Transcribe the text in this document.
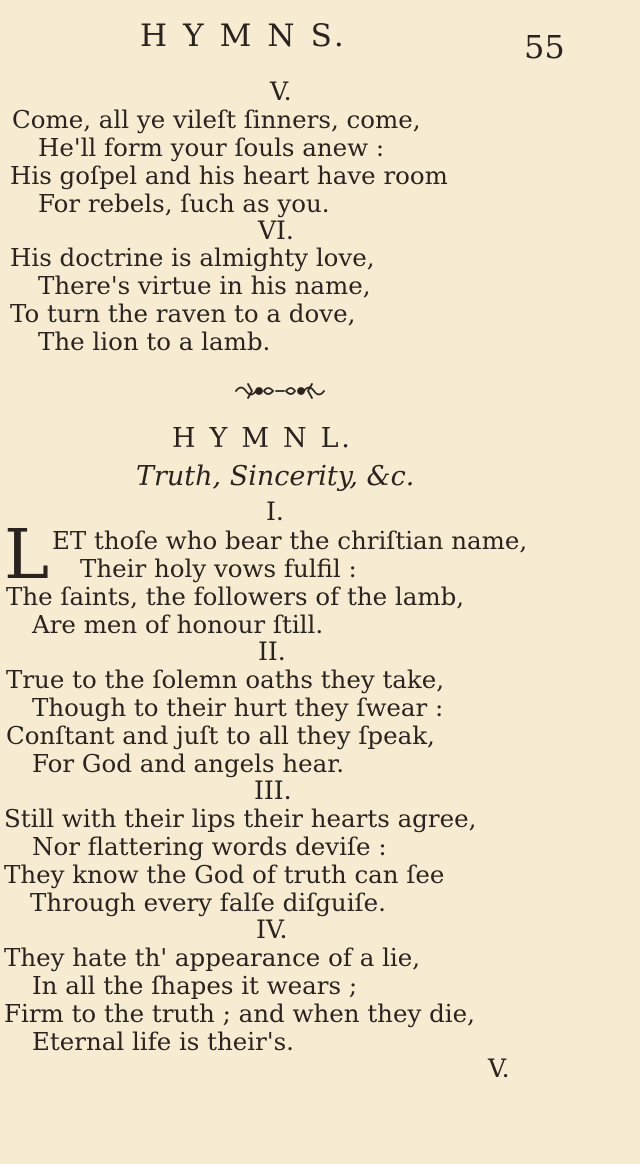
H Y M N S.	55
V.
Come, all ye vileſt ſinners, come,
He'll form your ſouls anew :
His goſpel and his heart have room
For rebels, ſuch as you.
VI.
His doctrine is almighty love,
There's virtue in his name,
To turn the raven to a dove,
The lion to a lamb.
H Y M N L.
Truth, Sincerity, &c.
I.
L ET thoſe who bear the chriſtian name,
Their holy vows fulfil :
The ſaints, the followers of the lamb,
Are men of honour ſtill.
II.
True to the ſolemn oaths they take,
Though to their hurt they ſwear :
Conſtant and juſt to all they ſpeak,
For God and angels hear.
III.
Still with their lips their hearts agree,
Nor flattering words deviſe :
They know the God of truth can ſee
Through every falſe diſguiſe.
IV.
They hate th' appearance of a lie,
In all the ſhapes it wears ;
Firm to the truth ; and when they die,
Eternal life is their's.
V.
